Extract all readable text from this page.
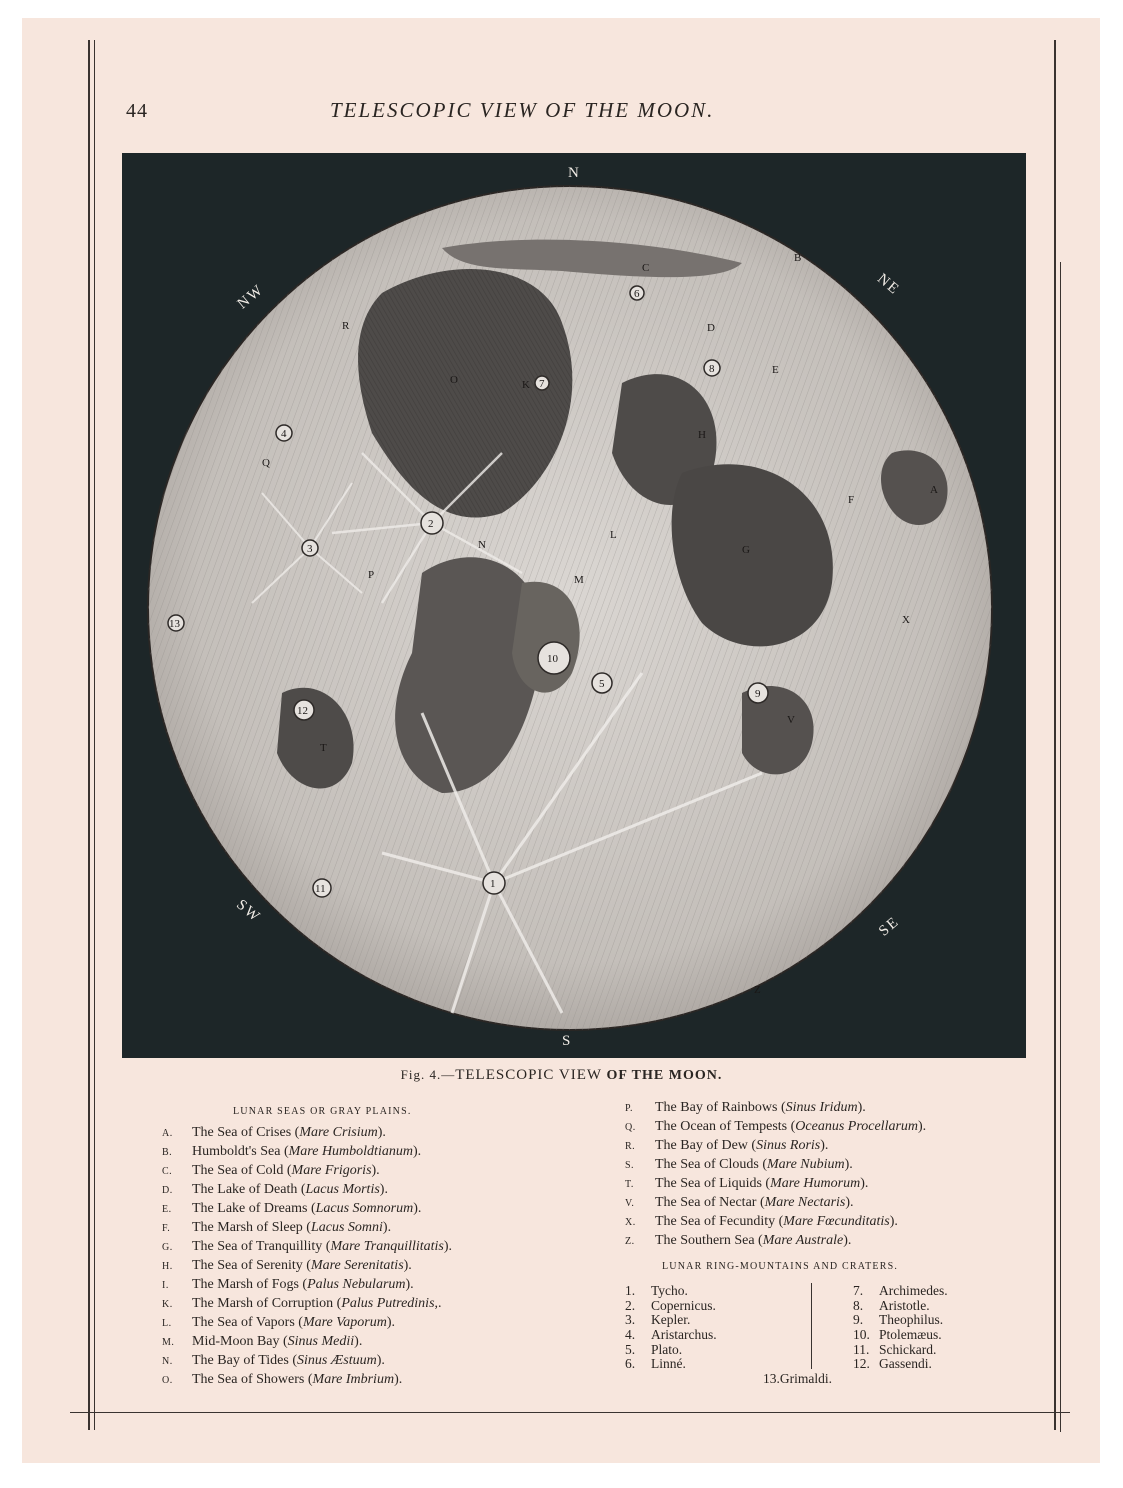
44	TELESCOPIC VIEW OF THE MOON.
A
B
C
D
E
F
G
H
K
L
M
N
O
P
Q
R
T
V
X
Z
1
2
3
4
5
6
7
8
9
10
11
12
13
N
NE
NW
SW
SE
S
Fig. 4.—TELESCOPIC VIEW OF THE MOON.
LUNAR SEAS OR GRAY PLAINS.
A. The Sea of Crises (Mare Crisium).
B. Humboldt's Sea (Mare Humboldtianum).
C. The Sea of Cold (Mare Frigoris).
D. The Lake of Death (Lacus Mortis).
E. The Lake of Dreams (Lacus Somnorum).
F. The Marsh of Sleep (Lacus Somni).
G. The Sea of Tranquillity (Mare Tranquillitatis).
H. The Sea of Serenity (Mare Serenitatis).
I. The Marsh of Fogs (Palus Nebularum).
K. The Marsh of Corruption (Palus Putredinis,.
L. The Sea of Vapors (Mare Vaporum).
M. Mid-Moon Bay (Sinus Medii).
N. The Bay of Tides (Sinus Æstuum).
O. The Sea of Showers (Mare Imbrium).
P. The Bay of Rainbows (Sinus Iridum).
Q. The Ocean of Tempests (Oceanus Procellarum).
R. The Bay of Dew (Sinus Roris).
S. The Sea of Clouds (Mare Nubium).
T. The Sea of Liquids (Mare Humorum).
V. The Sea of Nectar (Mare Nectaris).
X. The Sea of Fecundity (Mare Fœcunditatis).
Z. The Southern Sea (Mare Australe).
LUNAR RING-MOUNTAINS AND CRATERS.
1. Tycho.
2. Copernicus.
3. Kepler.
4. Aristarchus.
5. Plato.
6. Linné.
7. Archimedes.
8. Aristotle.
9. Theophilus.
10. Ptolemæus.
11. Schickard.
12. Gassendi.
13.Grimaldi.
